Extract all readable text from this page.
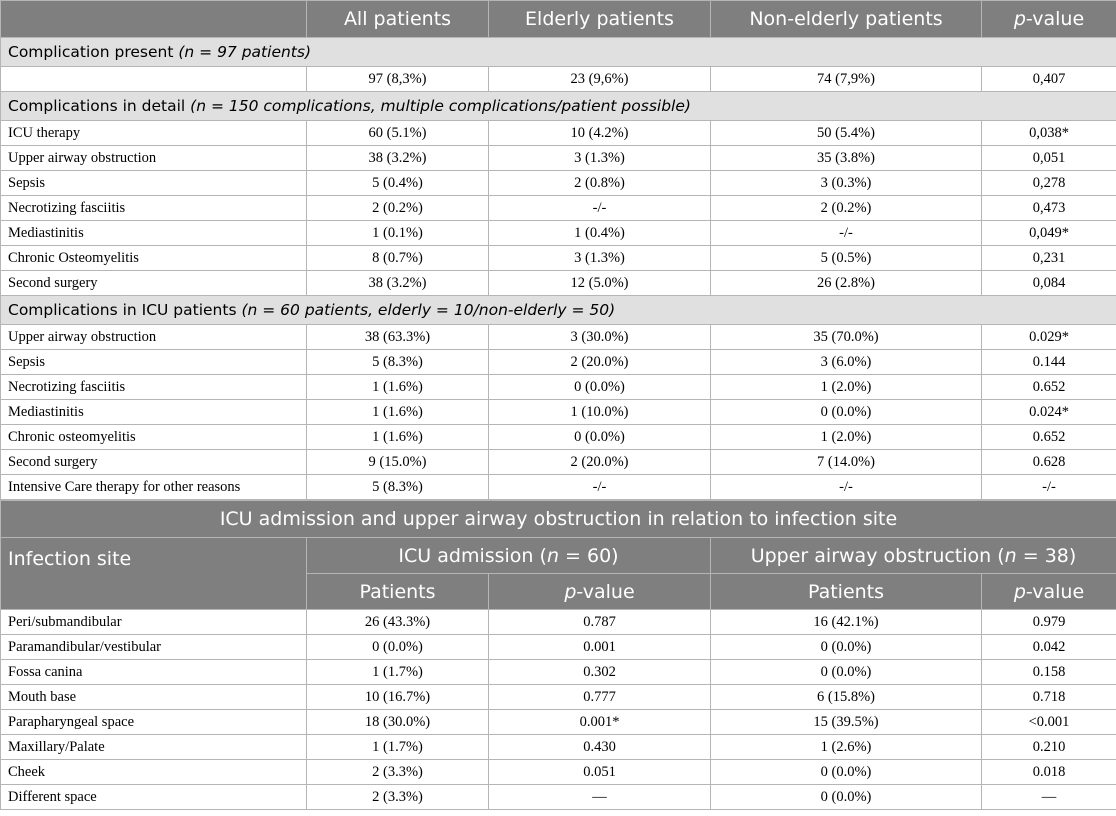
	All patients	Elderly patients	Non-elderly patients	p-value
Complication present (n = 97 patients)				
	97 (8,3%)	23 (9,6%)	74 (7,9%)	0,407
Complications in detail (n = 150 complications, multiple complications/patient possible)				
ICU therapy	60 (5.1%)	10 (4.2%)	50 (5.4%)	0,038*
Upper airway obstruction	38 (3.2%)	3 (1.3%)	35 (3.8%)	0,051
Sepsis	5 (0.4%)	2 (0.8%)	3 (0.3%)	0,278
Necrotizing fasciitis	2 (0.2%)	-/-	2 (0.2%)	0,473
Mediastinitis	1 (0.1%)	1 (0.4%)	-/-	0,049*
Chronic Osteomyelitis	8 (0.7%)	3 (1.3%)	5 (0.5%)	0,231
Second surgery	38 (3.2%)	12 (5.0%)	26 (2.8%)	0,084
Complications in ICU patients (n = 60 patients, elderly = 10/non-elderly = 50)				
Upper airway obstruction	38 (63.3%)	3 (30.0%)	35 (70.0%)	0.029*
Sepsis	5 (8.3%)	2 (20.0%)	3 (6.0%)	0.144
Necrotizing fasciitis	1 (1.6%)	0 (0.0%)	1 (2.0%)	0.652
Mediastinitis	1 (1.6%)	1 (10.0%)	0 (0.0%)	0.024*
Chronic osteomyelitis	1 (1.6%)	0 (0.0%)	1 (2.0%)	0.652
Second surgery	9 (15.0%)	2 (20.0%)	7 (14.0%)	0.628
Intensive Care therapy for other reasons	5 (8.3%)	-/-	-/-	-/-
ICU admission and upper airway obstruction in relation to infection site				
Infection site	ICU admission (n = 60)		Upper airway obstruction (n = 38)	
	Patients	p-value	Patients	p-value
Peri/submandibular	26 (43.3%)	0.787	16 (42.1%)	0.979
Paramandibular/vestibular	0 (0.0%)	0.001	0 (0.0%)	0.042
Fossa canina	1 (1.7%)	0.302	0 (0.0%)	0.158
Mouth base	10 (16.7%)	0.777	6 (15.8%)	0.718
Parapharyngeal space	18 (30.0%)	0.001*	15 (39.5%)	<0.001
Maxillary/Palate	1 (1.7%)	0.430	1 (2.6%)	0.210
Cheek	2 (3.3%)	0.051	0 (0.0%)	0.018
Different space	2 (3.3%)	—	0 (0.0%)	—
